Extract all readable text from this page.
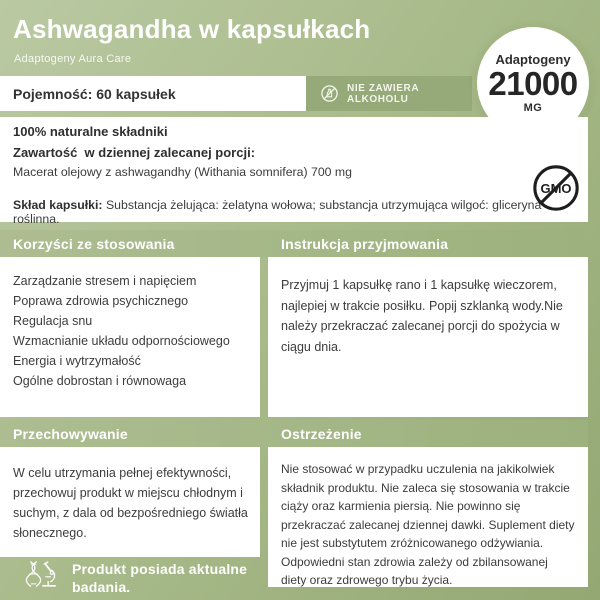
Ashwagandha w kapsułkach
Adaptogeny Aura Care
Pojemność: 60 kapsułek	NIE ZAWIERA ALKOHOLU
Adaptogeny
21000
MG
100% naturalne składniki
Zawartość  w dziennej zalecanej porcji:
Macerat olejowy z ashwagandhy (Withania somnifera) 700 mg
Skład kapsułki: Substancja żelująca: żelatyna wołowa; substancja utrzymująca wilgoć: gliceryna roślinna.
GMO
Korzyści ze stosowania	Instrukcja przyjmowania
Zarządzanie stresem i napięciem
Poprawa zdrowia psychicznego
Regulacja snu
Wzmacnianie układu odpornościowego
Energia i wytrzymałość
Ogólne dobrostan i równowaga
Przyjmuj 1 kapsułkę rano i 1 kapsułkę wieczorem, najlepiej w trakcie posiłku. Popij szklanką wody.Nie należy przekraczać zalecanej porcji do spożycia w ciągu dnia.
Przechowywanie	Ostrzeżenie
W celu utrzymania pełnej efektywności, przechowuj produkt w miejscu chłodnym i suchym, z dala od bezpośredniego światła słonecznego.
Nie stosować w przypadku uczulenia na jakikolwiek składnik produktu. Nie zaleca się stosowania w trakcie ciąży oraz karmienia piersią. Nie powinno się przekraczać zalecanej dziennej dawki. Suplement diety nie jest substytutem zróżnicowanego odżywiania. Odpowiedni stan zdrowia zależy od zbilansowanej diety oraz zdrowego trybu życia.
Produkt posiada aktualne badania.
